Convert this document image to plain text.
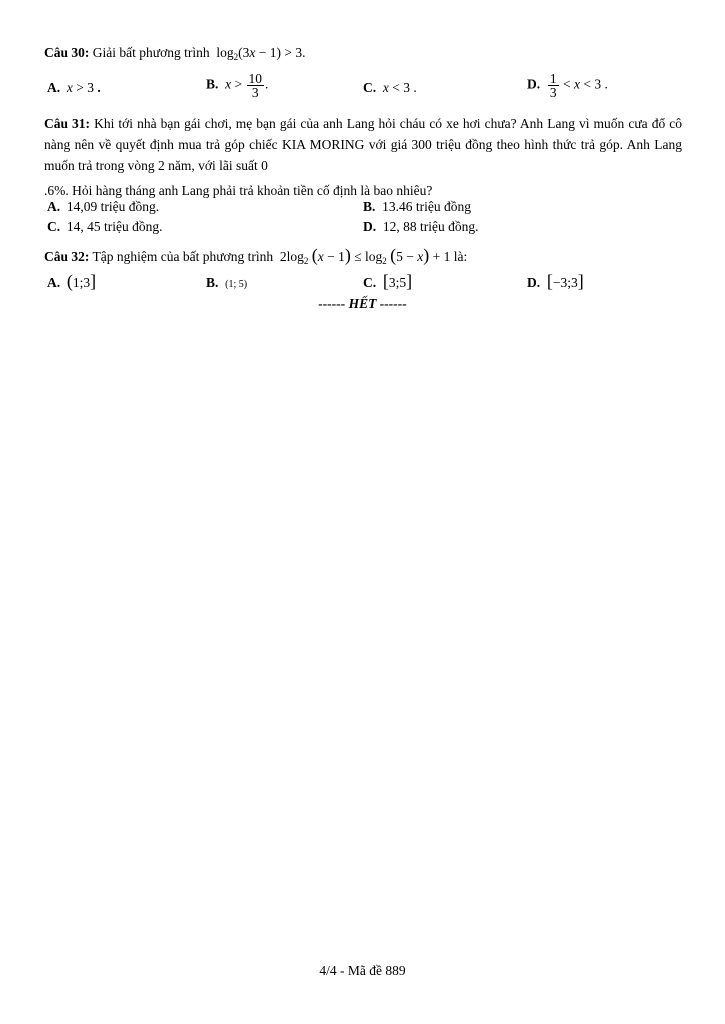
Câu 30: Giải bất phương trình  $\log_2(3x - 1) > 3$.
A. x > 3 .	B. $x > \frac{10}{3}$ .	C. x < 3 .	D. $\frac{1}{3} < x < 3$ .
Câu 31: Khi tới nhà bạn gái chơi, mẹ bạn gái của anh Lang hỏi cháu có xe hơi chưa? Anh Lang vì muốn cưa đổ cô nàng nên về quyết định mua trả góp chiếc KIA MORING với giá 300 triệu đồng theo hình thức trả góp. Anh Lang muốn trả trong vòng 2 năm, với lãi suất 0
.6%. Hỏi hàng tháng anh Lang phải trả khoản tiền cố định là bao nhiêu?
A. 14,09 triệu đồng.	B. 13.46 triệu đồng
C. 14, 45 triệu đồng.	D. 12, 88 triệu đồng.
Câu 32: Tập nghiệm của bất phương trình  $2\log_2$ $(x - 1) \le \log_2 (5 - x) + 1$ là:
A. (1;3]	B. (1; 5)	C. [3;5]	D. [−3;3]
------ HẾT ------
4/4 - Mã đề 889
